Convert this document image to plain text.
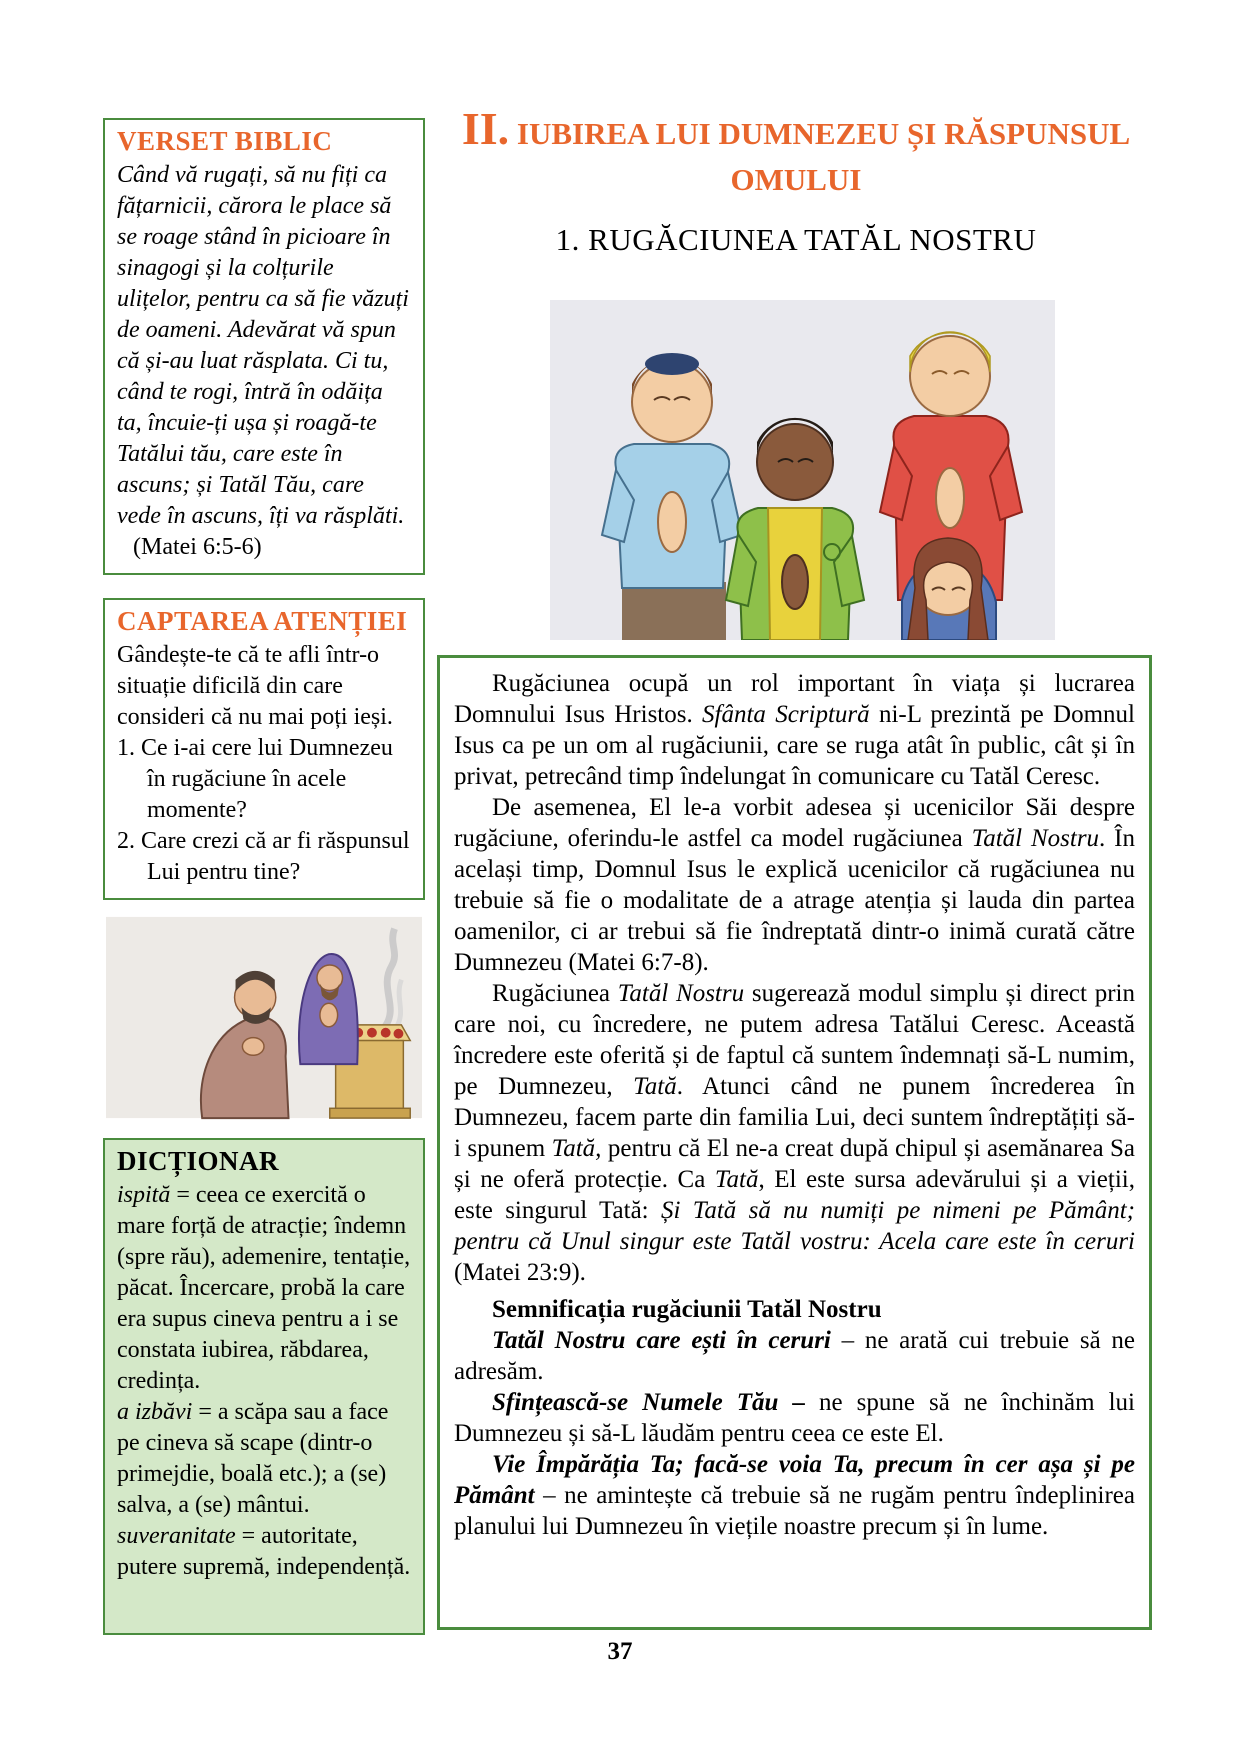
VERSET BIBLIC

Când vă rugați, să nu fiți ca fățarnicii, cărora le place să se roage stând în picioare în sinagogi și la colțurile ulițelor, pentru ca să fie văzuți de oameni. Adevărat vă spun că și-au luat răsplata. Ci tu, când te rogi, întră în odăița ta, încuie-ți ușa și roagă-te Tatălui tău, care este în ascuns; și Tatăl Tău, care vede în ascuns, îți va răsplăti. (Matei 6:5-6)

CAPTAREA ATENȚIEI

Gândește-te că te afli într-o situație dificilă din care consideri că nu mai poți ieși.

1. Ce i-ai cere lui Dumnezeu în rugăciune în acele momente?
2. Care crezi că ar fi răspunsul Lui pentru tine?
DICȚIONAR
ispită = ceea ce exercită o mare forță de atracție; îndemn (spre rău), ademenire, tentație, păcat. Încercare, probă la care era supus cineva pentru a i se constata iubirea, răbdarea, credința.
a izbăvi = a scăpa sau a face pe cineva să scape (dintr-o primejdie, boală etc.); a (se) salva, a (se) mântui.
suveranitate = autoritate, putere supremă, independență.
II. IUBIREA LUI DUMNEZEU ȘI RĂSPUNSUL
OMULUI
1. RUGĂCIUNEA TATĂL NOSTRU

Rugăciunea ocupă un rol important în viața și lucrarea Domnului Isus Hristos. Sfânta Scriptură ni-L prezintă pe Domnul Isus ca pe un om al rugăciunii, care se ruga atât în public, cât și în privat, petrecând timp îndelungat în comunicare cu Tatăl Ceresc.

De asemenea, El le-a vorbit adesea și ucenicilor Săi despre rugăciune, oferindu-le astfel ca model rugăciunea Tatăl Nostru. În același timp, Domnul Isus le explică ucenicilor că rugăciunea nu trebuie să fie o modalitate de a atrage atenția și lauda din partea oamenilor, ci ar trebui să fie îndreptată dintr-o inimă curată către Dumnezeu (Matei 6:7-8).

Rugăciunea Tatăl Nostru sugerează modul simplu și direct prin care noi, cu încredere, ne putem adresa Tatălui Ceresc. Această încredere este oferită și de faptul că suntem îndemnați să-L numim, pe Dumnezeu, Tată. Atunci când ne punem încrederea în Dumnezeu, facem parte din familia Lui, deci suntem îndreptățiți să-i spunem Tată, pentru că El ne-a creat după chipul și asemănarea Sa și ne oferă protecție. Ca Tată, El este sursa adevărului și a vieții, este singurul Tată: Și Tată să nu numiți pe nimeni pe Pământ; pentru că Unul singur este Tatăl vostru: Acela care este în ceruri (Matei 23:9).

Semnificația rugăciunii Tatăl Nostru

Tatăl Nostru care ești în ceruri – ne arată cui trebuie să ne adresăm.

Sfințească-se Numele Tău – ne spune să ne închinăm lui Dumnezeu și să-L lăudăm pentru ceea ce este El.

Vie Împărăția Ta; facă-se voia Ta, precum în cer așa și pe Pământ – ne amintește că trebuie să ne rugăm pentru îndeplinirea planului lui Dumnezeu în viețile noastre precum și în lume.

37
